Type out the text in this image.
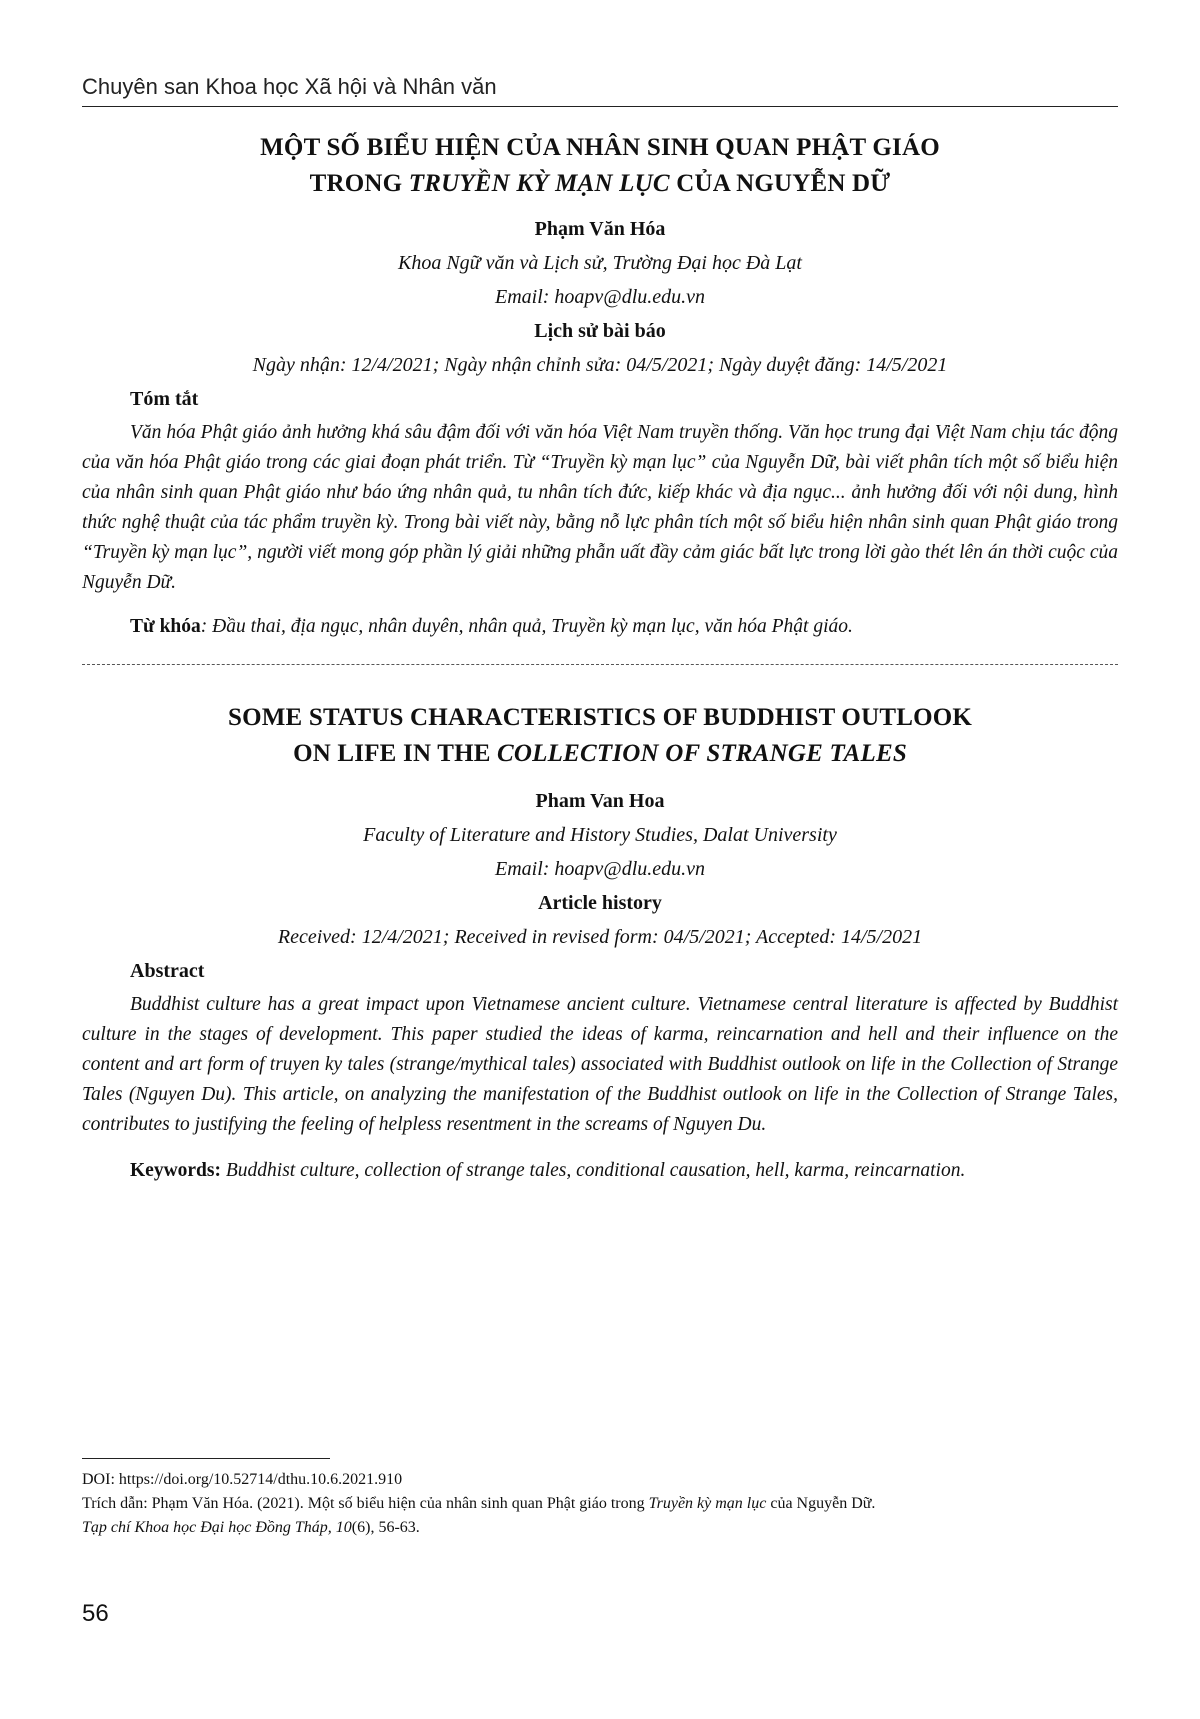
Chuyên san Khoa học Xã hội và Nhân văn
MỘT SỐ BIỂU HIỆN CỦA NHÂN SINH QUAN PHẬT GIÁO
TRONG TRUYỀN KỲ MẠN LỤC CỦA NGUYỄN DỮ
Phạm Văn Hóa
Khoa Ngữ văn và Lịch sử, Trường Đại học Đà Lạt
Email: hoapv@dlu.edu.vn
Lịch sử bài báo
Ngày nhận: 12/4/2021; Ngày nhận chỉnh sửa: 04/5/2021; Ngày duyệt đăng: 14/5/2021
Tóm tắt

Văn hóa Phật giáo ảnh hưởng khá sâu đậm đối với văn hóa Việt Nam truyền thống. Văn học trung đại Việt Nam chịu tác động của văn hóa Phật giáo trong các giai đoạn phát triển. Từ “Truyền kỳ mạn lục” của Nguyễn Dữ, bài viết phân tích một số biểu hiện của nhân sinh quan Phật giáo như báo ứng nhân quả, tu nhân tích đức, kiếp khác và địa ngục... ảnh hưởng đối với nội dung, hình thức nghệ thuật của tác phẩm truyền kỳ. Trong bài viết này, bằng nỗ lực phân tích một số biểu hiện nhân sinh quan Phật giáo trong “Truyền kỳ mạn lục”, người viết mong góp phần lý giải những phẫn uất đầy cảm giác bất lực trong lời gào thét lên án thời cuộc của Nguyễn Dữ.

Từ khóa: Đầu thai, địa ngục, nhân duyên, nhân quả, Truyền kỳ mạn lục, văn hóa Phật giáo.
SOME STATUS CHARACTERISTICS OF BUDDHIST OUTLOOK
ON LIFE IN THE COLLECTION OF STRANGE TALES
Pham Van Hoa
Faculty of Literature and History Studies, Dalat University
Email: hoapv@dlu.edu.vn
Article history
Received: 12/4/2021; Received in revised form: 04/5/2021; Accepted: 14/5/2021
Abstract

Buddhist culture has a great impact upon Vietnamese ancient culture. Vietnamese central literature is affected by Buddhist culture in the stages of development. This paper studied the ideas of karma, reincarnation and hell and their influence on the content and art form of truyen ky tales (strange/mythical tales) associated with Buddhist outlook on life in the Collection of Strange Tales (Nguyen Du). This article, on analyzing the manifestation of the Buddhist outlook on life in the Collection of Strange Tales, contributes to justifying the feeling of helpless resentment in the screams of Nguyen Du.

Keywords: Buddhist culture, collection of strange tales, conditional causation, hell, karma, reincarnation.
DOI: https://doi.org/10.52714/dthu.10.6.2021.910
Trích dẫn: Phạm Văn Hóa. (2021). Một số biểu hiện của nhân sinh quan Phật giáo trong Truyền kỳ mạn lục của Nguyễn Dữ.
Tạp chí Khoa học Đại học Đồng Tháp, 10(6), 56-63.
56
